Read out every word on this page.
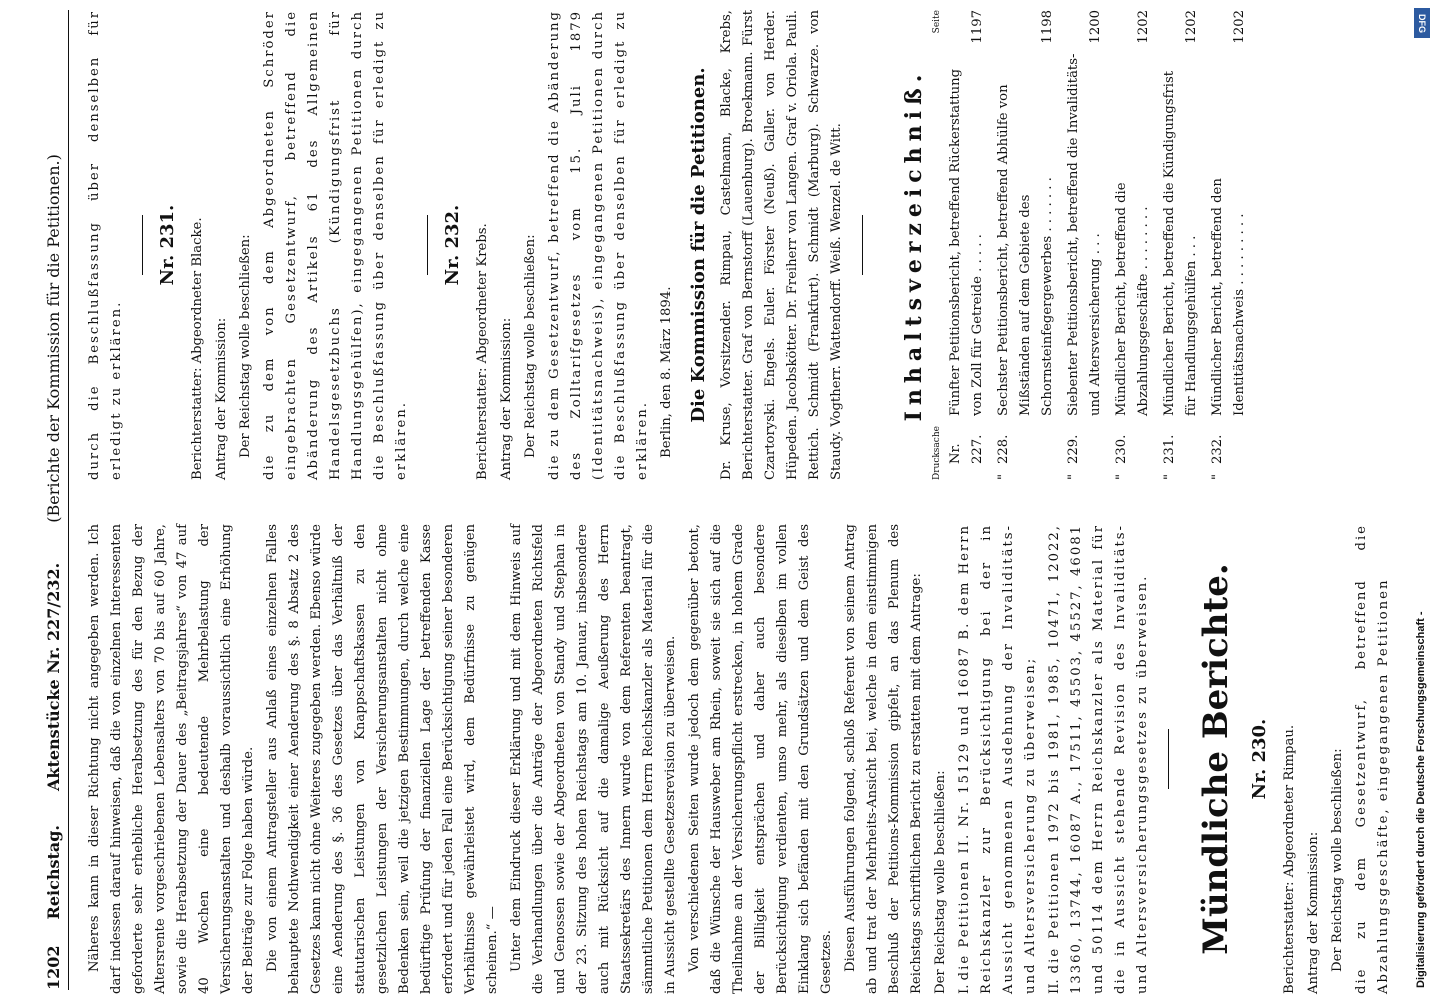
1202
Reichstag.
Aktenstücke Nr. 227/232.
(Berichte der Kommission für die Petitionen.)

Näheres kann in dieser Richtung nicht angegeben werden. Ich darf indessen darauf hinweisen, daß die von einzelnen Interessenten geforderte sehr erhebliche Herabsetzung des für den Bezug der Altersrente vorgeschriebenen Lebensalters von 70 bis auf 60 Jahre, sowie die Herabsetzung der Dauer des „Beitragsjahres“ von 47 auf 40 Wochen eine bedeutende Mehrbelastung der Versicherungsanstalten und deshalb voraussichtlich eine Erhöhung der Beiträge zur Folge haben würde. Die von einem Antragsteller aus Anlaß eines einzelnen Falles behauptete Nothwendigkeit einer Aenderung des §. 8 Absatz 2 des Gesetzes kann nicht ohne Weiteres zugegeben werden. Ebenso würde eine Aenderung des §. 36 des Gesetzes über das Verhältniß der statutarischen Leistungen von Knappschaftskassen zu den gesetzlichen Leistungen der Versicherungsanstalten nicht ohne Bedenken sein, weil die jetzigen Bestimmungen, durch welche eine bedürftige Prüfung der finanziellen Lage der betreffenden Kasse erfordert und für jeden Fall eine Berücksichtigung seiner besonderen Verhältnisse gewährleistet wird, dem Bedürfnisse zu genügen scheinen.“ — Unter dem Eindruck dieser Erklärung und mit dem Hinweis auf die Verhandlungen über die Anträge der Abgeordneten Richtsfeld und Genossen sowie der Abgeordneten von Standy und Stephan in der 23. Sitzung des hohen Reichstags am 10. Januar, insbesondere auch mit Rücksicht auf die damalige Aeußerung des Herrn Staatssekretärs des Innern wurde von dem Referenten beantragt, sämmtliche Petitionen dem Herrn Reichskanzler als Material für die in Aussicht gestellte Gesetzesrevision zu überweisen. Von verschiedenen Seiten wurde jedoch dem gegenüber betont, daß die Wünsche der Hausweber am Rhein, soweit sie sich auf die Theilnahme an der Versicherungspflicht erstrecken, in hohem Grade der Billigkeit entsprächen und daher auch besondere Berücksichtigung verdienten, umso mehr, als dieselben im vollen Einklang sich befänden mit den Grundsätzen und dem Geist des Gesetzes. Diesen Ausführungen folgend, schloß Referent von seinem Antrag ab und trat der Mehrheits-Ansicht bei, welche in dem einstimmigen Beschluß der Petitions-Kommission gipfelt, an das Plenum des Reichstags schriftlichen Bericht zu erstatten mit dem Antrage: Der Reichstag wolle beschließen: I. die Petitionen II. Nr. 15129 und 16087 B. dem Herrn Reichskanzler zur Berücksichtigung bei der in Aussicht genommenen Ausdehnung der Invaliditäts- und Altersversicherung zu überweisen; II. die Petitionen 1972 bis 1981, 1985, 10471, 12022, 13360, 13744, 16087 A., 17511, 45503, 45527, 46081 und 50114 dem Herrn Reichskanzler als Material für die in Aussicht stehende Revision des Invaliditäts- und Altersversicherungsgesetzes zu überweisen. Mündliche Berichte. Nr. 230. Berichterstatter: Abgeordneter Rimpau. Antrag der Kommission: Der Reichstag wolle beschließen: die zu dem Gesetzentwurf, betreffend die Abzahlungsgeschäfte, eingegangenen Petitionen

durch die Beschlußfassung über denselben für erledigt zu erklären.

Nr. 231. Berichterstatter: Abgeordneter Blacke. Antrag der Kommission: Der Reichstag wolle beschließen: die zu dem von dem Abgeordneten Schröder eingebrachten Gesetzentwurf, betreffend die Abänderung des Artikels 61 des Allgemeinen Handelsgesetzbuchs (Kündigungsfrist für Handlungsgehülfen), eingegangenen Petitionen durch die Beschlußfassung über denselben für erledigt zu erklären.

Nr. 232. Berichterstatter: Abgeordneter Krebs. Antrag der Kommission: Der Reichstag wolle beschließen: die zu dem Gesetzentwurf, betreffend die Abänderung des Zolltarifgesetzes vom 15. Juli 1879 (Identitätsnachweis), eingegangenen Petitionen durch die Beschlußfassung über denselben für erledigt zu erklären. Berlin, den 8. März 1894. Die Kommission für die Petitionen. Dr. Kruse, Vorsitzender. Rimpau, Castelmann, Blacke, Krebs, Berichterstatter. Graf von Bernstorff (Lauenburg). Broekmann. Fürst Czartoryski. Engels. Euler. Förster (Neuß). Galler. von Herder. Hüpeden. Jacobskötter. Dr. Freiherr von Langen. Graf v. Oriola. Pauli. Rettich. Schmidt (Frankfurt). Schmidt (Marburg). Schwarze. von Staudy. Vogtherr. Wattendorff. Weiß. Wenzel. de Witt.	Inhaltsverzeichniß.
Drucksache
Seite
Nr. 227.
Fünfter Petitionsbericht, betreffend Rückerstattung von Zoll für Getreide . . . . .
1197
"
228.
Sechster Petitionsbericht, betreffend Abhülfe von Mißständen auf dem Gebiete des Schornsteinfegergewerbes . . . . . . .
1198
"
229.
Siebenter Petitionsbericht, betreffend die Invaliditäts- und Altersversicherung . . .
1200
"
230.
Mündlicher Bericht, betreffend die Abzahlungsgeschäfte . . . . . . . .
1202
"
231.
Mündlicher Bericht, betreffend die Kündigungsfrist für Handlungsgehülfen . . .
1202
"
232.
Mündlicher Bericht, betreffend den Identitätsnachweis . . . . . . . . .
1202	DFG
Digitalisierung gefördert durch die Deutsche Forschungsgemeinschaft -
